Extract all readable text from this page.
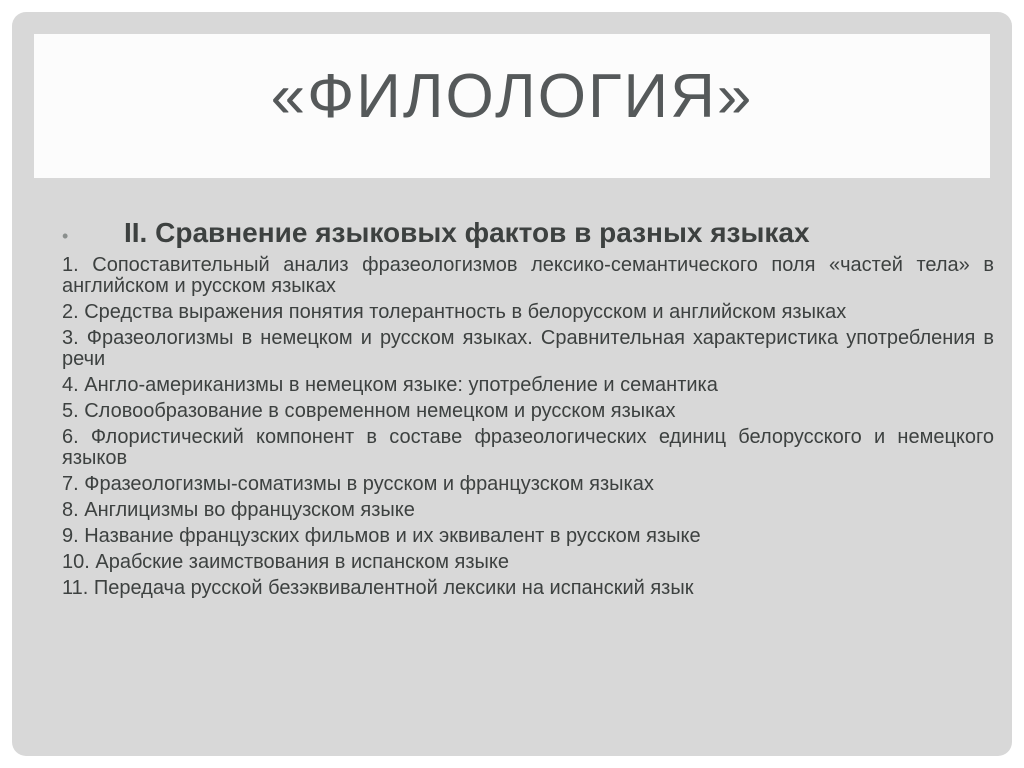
«ФИЛОЛОГИЯ»
•	II. Сравнение языковых фактов в разных языках
1. Сопоставительный анализ фразеологизмов лексико-семантического поля «частей тела» в английском и русском языках
2. Средства выражения понятия толерантность в белорусском и английском языках
3. Фразеологизмы в немецком и русском языках. Сравнительная характеристика употребления в речи
4. Англо-американизмы в немецком языке: употребление и семантика
5. Словообразование в современном немецком и русском языках
6. Флористический компонент в составе фразеологических единиц белорусского и немецкого языков
7. Фразеологизмы-соматизмы в русском и французском языках
8. Англицизмы во французском языке
9. Название французских фильмов и их эквивалент в русском языке
10. Арабские заимствования в испанском языке
11. Передача русской безэквивалентной лексики на испанский язык
